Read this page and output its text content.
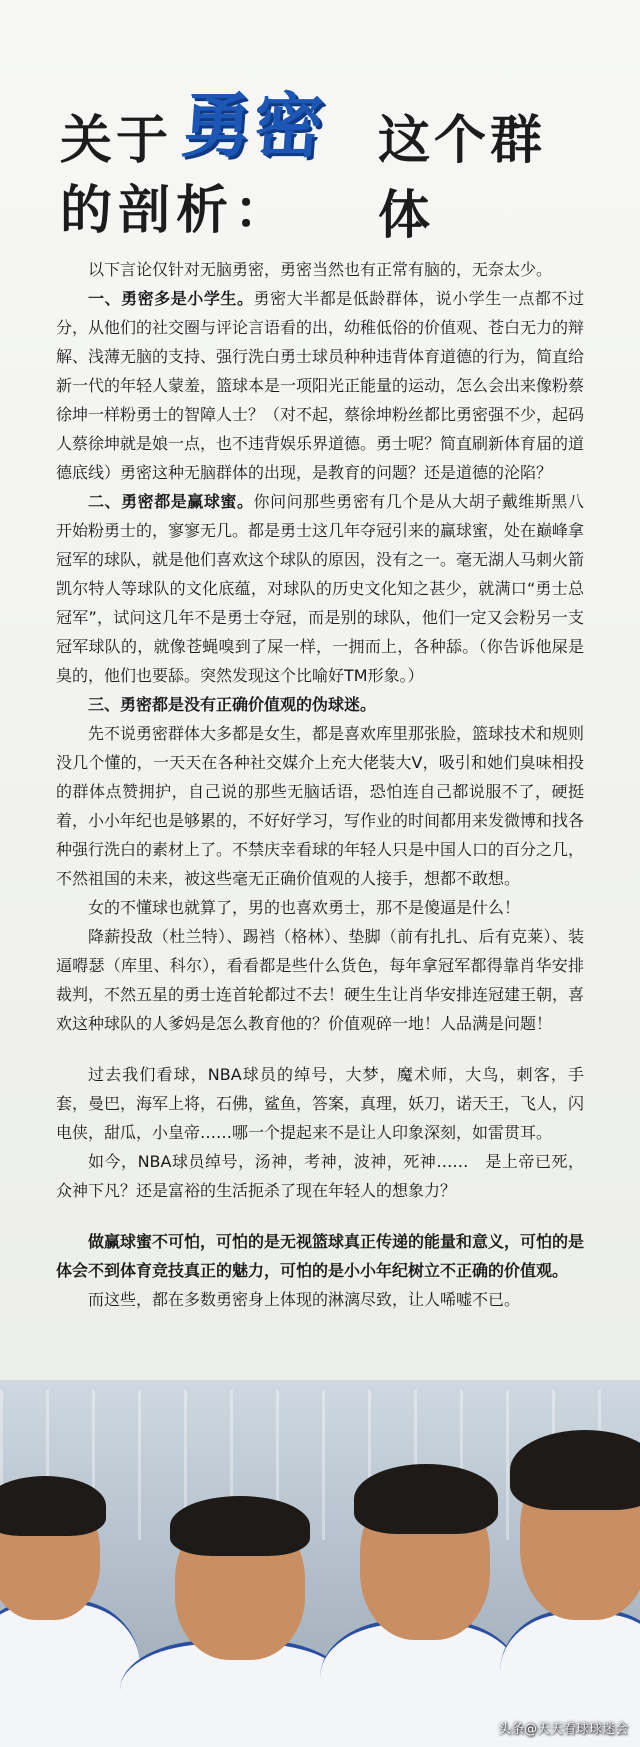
关于 勇密 这个群体
的剖析：

以下言论仅针对无脑勇密，勇密当然也有正常有脑的，无奈太少。

一、勇密多是小学生。勇密大半都是低龄群体，说小学生一点都不过分，从他们的社交圈与评论言语看的出，幼稚低俗的价值观、苍白无力的辩解、浅薄无脑的支持、强行洗白勇士球员种种违背体育道德的行为，简直给新一代的年轻人蒙羞，篮球本是一项阳光正能量的运动，怎么会出来像粉蔡徐坤一样粉勇士的智障人士？（对不起，蔡徐坤粉丝都比勇密强不少，起码人蔡徐坤就是娘一点，也不违背娱乐界道德。勇士呢？简直刷新体育届的道德底线）勇密这种无脑群体的出现，是教育的问题？还是道德的沦陷？

二、勇密都是赢球蜜。你问问那些勇密有几个是从大胡子戴维斯黑八开始粉勇士的，寥寥无几。都是勇士这几年夺冠引来的赢球蜜，处在巅峰拿冠军的球队，就是他们喜欢这个球队的原因，没有之一。毫无湖人马刺火箭凯尔特人等球队的文化底蕴，对球队的历史文化知之甚少，就满口“勇士总冠军”，试问这几年不是勇士夺冠，而是别的球队，他们一定又会粉另一支冠军球队的，就像苍蝇嗅到了屎一样，一拥而上，各种舔。（你告诉他屎是臭的，他们也要舔。突然发现这个比喻好TM形象。）

三、勇密都是没有正确价值观的伪球迷。

先不说勇密群体大多都是女生，都是喜欢库里那张脸，篮球技术和规则没几个懂的，一天天在各种社交媒介上充大佬装大V，吸引和她们臭味相投的群体点赞拥护，自己说的那些无脑话语，恐怕连自己都说服不了，硬挺着，小小年纪也是够累的，不好好学习，写作业的时间都用来发微博和找各种强行洗白的素材上了。不禁庆幸看球的年轻人只是中国人口的百分之几，不然祖国的未来，被这些毫无正确价值观的人接手，想都不敢想。

女的不懂球也就算了，男的也喜欢勇士，那不是傻逼是什么！

降薪投敌（杜兰特）、踢裆（格林）、垫脚（前有扎扎、后有克莱）、装逼嘚瑟（库里、科尔），看看都是些什么货色，每年拿冠军都得靠肖华安排裁判，不然五星的勇士连首轮都过不去！硬生生让肖华安排连冠建王朝，喜欢这种球队的人爹妈是怎么教育他的？价值观碎一地！人品满是问题！

过去我们看球，NBA球员的绰号，大梦，魔术师，大鸟，刺客，手套，曼巴，海军上将，石佛，鲨鱼，答案，真理，妖刀，诺天王，飞人，闪电侠，甜瓜，小皇帝……哪一个提起来不是让人印象深刻，如雷贯耳。

如今，NBA球员绰号，汤神，考神，波神，死神……　是上帝已死，众神下凡？还是富裕的生活扼杀了现在年轻人的想象力？

做赢球蜜不可怕，可怕的是无视篮球真正传递的能量和意义，可怕的是体会不到体育竞技真正的魅力，可怕的是小小年纪树立不正确的价值观。

而这些，都在多数勇密身上体现的淋漓尽致，让人唏嘘不已。

头条@天天看球球迷会
